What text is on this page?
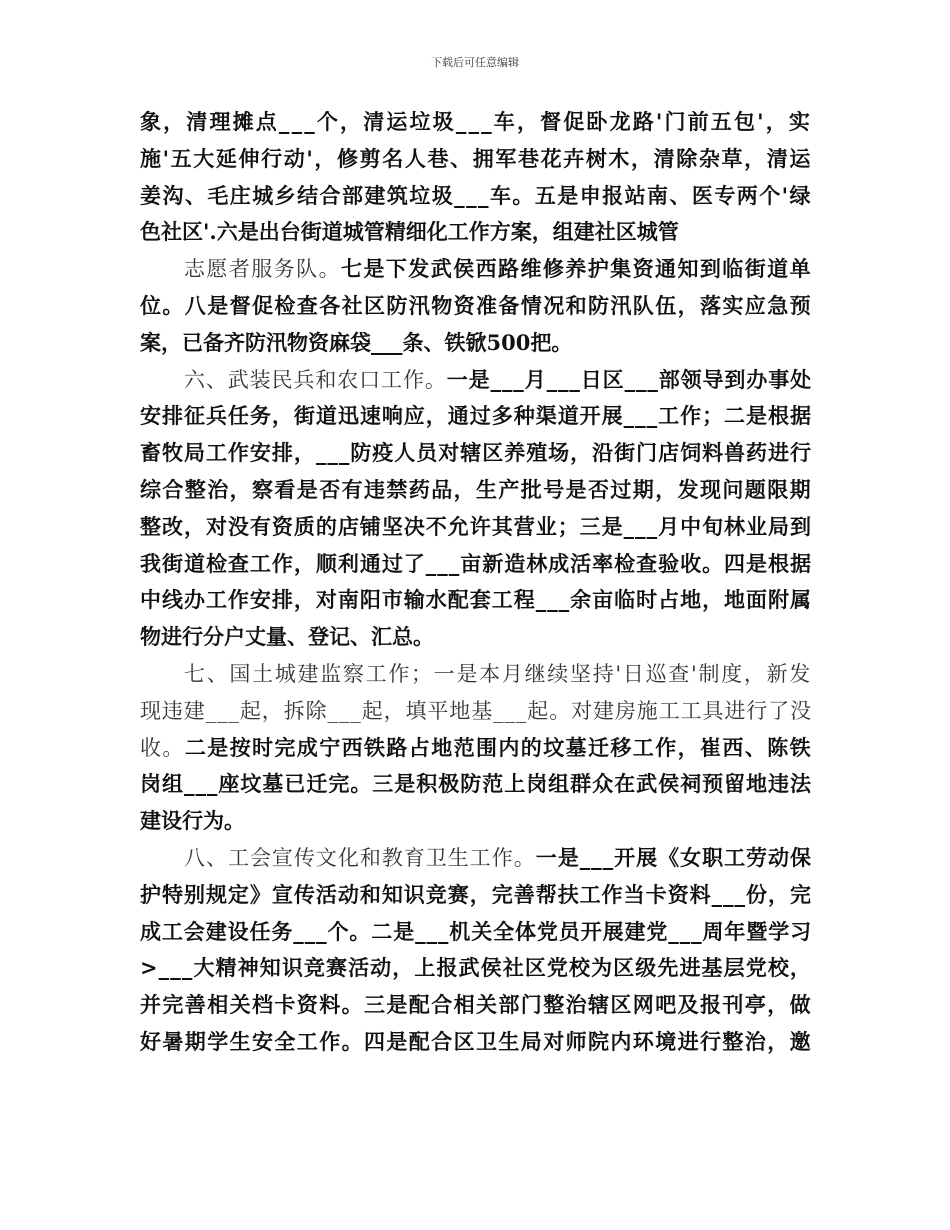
下载后可任意编辑
象，清理摊点___个，清运垃圾___车，督促卧龙路'门前五包'，实
施'五大延伸行动'，修剪名人巷、拥军巷花卉树木，清除杂草，清运
姜沟、毛庄城乡结合部建筑垃圾___车。五是申报站南、医专两个'绿
色社区'.六是出台街道城管精细化工作方案，组建社区城管
志愿者服务队。七是下发武侯西路维修养护集资通知到临街道单
位。八是督促检查各社区防汛物资准备情况和防汛队伍，落实应急预
案，已备齐防汛物资麻袋___条、铁锨500把。
六、武装民兵和农口工作。一是___月___日区___部领导到办事处
安排征兵任务，街道迅速响应，通过多种渠道开展___工作；二是根据
畜牧局工作安排，___防疫人员对辖区养殖场，沿街门店饲料兽药进行
综合整治，察看是否有违禁药品，生产批号是否过期，发现问题限期
整改，对没有资质的店铺坚决不允许其营业；三是___月中旬林业局到
我街道检查工作，顺利通过了___亩新造林成活率检查验收。四是根据
中线办工作安排，对南阳市输水配套工程___余亩临时占地，地面附属
物进行分户丈量、登记、汇总。
七、国土城建监察工作；一是本月继续坚持'日巡查'制度，新发
现违建___起，拆除___起，填平地基___起。对建房施工工具进行了没
收。二是按时完成宁西铁路占地范围内的坟墓迁移工作，崔西、陈铁
岗组___座坟墓已迁完。三是积极防范上岗组群众在武侯祠预留地违法
建设行为。
八、工会宣传文化和教育卫生工作。一是___开展《女职工劳动保
护特别规定》宣传活动和知识竞赛，完善帮扶工作当卡资料___份，完
成工会建设任务___个。二是___机关全体党员开展建党___周年暨学习
>___大精神知识竞赛活动，上报武侯社区党校为区级先进基层党校，
并完善相关档卡资料。三是配合相关部门整治辖区网吧及报刊亭，做
好暑期学生安全工作。四是配合区卫生局对师院内环境进行整治，邀
